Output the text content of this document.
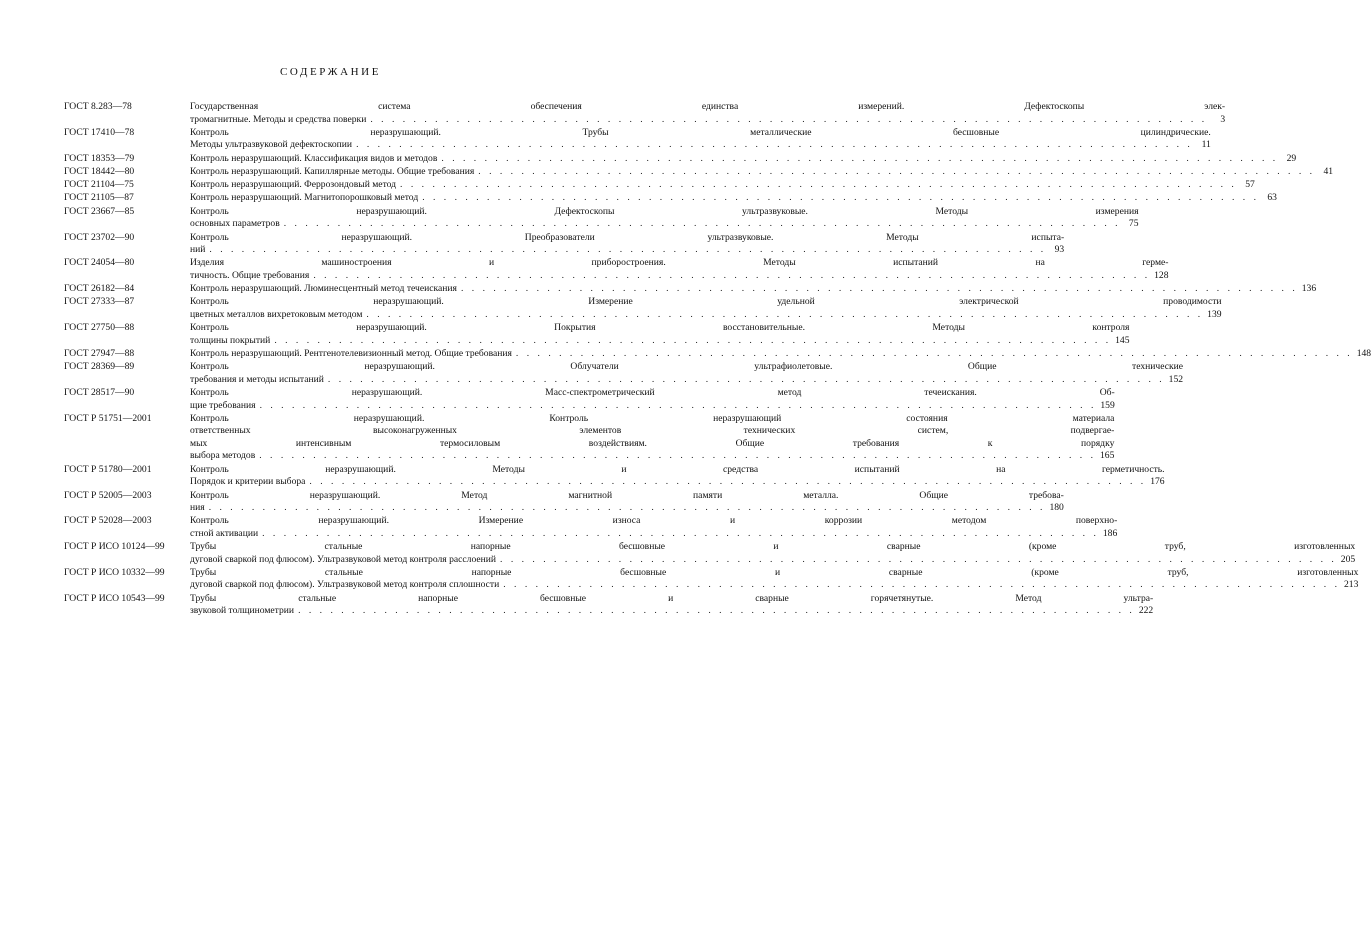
СОДЕРЖАНИЕ
ГОСТ 8.283—78	Государственная система обеспечения единства измерений. Дефектоскопы элек-
тромагнитные. Методы и средства поверки . . .	3
ГОСТ 17410—78	Контроль неразрушающий. Трубы металлические бесшовные цилиндрические.
Методы ультразвуковой дефектоскопии . . .	11
ГОСТ 18353—79	Контроль неразрушающий. Классификация видов и методов . . .	29
ГОСТ 18442—80	Контроль неразрушающий. Капиллярные методы. Общие требования . . .	41
ГОСТ 21104—75	Контроль неразрушающий. Феррозондовый метод . . .	57
ГОСТ 21105—87	Контроль неразрушающий. Магнитопорошковый метод . . .	63
ГОСТ 23667—85	Контроль неразрушающий. Дефектоскопы ультразвуковые. Методы измерения
основных параметров . . .	75
ГОСТ 23702—90	Контроль неразрушающий. Преобразователи ультразвуковые. Методы испыта-
ний . . .	93
ГОСТ 24054—80	Изделия машиностроения и приборостроения. Методы испытаний на герме-
тичность. Общие требования . . .	128
ГОСТ 26182—84	Контроль неразрушающий. Люминесцентный метод течеискания . . .	136
ГОСТ 27333—87	Контроль неразрушающий. Измерение удельной электрической проводимости
цветных металлов вихретоковым методом . . .	139
ГОСТ 27750—88	Контроль неразрушающий. Покрытия восстановительные. Методы контроля
толщины покрытий . . .	145
ГОСТ 27947—88	Контроль неразрушающий. Рентгенотелевизионный метод. Общие требования . . .	148
ГОСТ 28369—89	Контроль неразрушающий. Облучатели ультрафиолетовые. Общие технические
требования и методы испытаний . . .	152
ГОСТ 28517—90	Контроль неразрушающий. Масс-спектрометрический метод течеискания. Об-
щие требования . . .	159
ГОСТ Р 51751—2001	Контроль неразрушающий. Контроль неразрушающий состояния материала
ответственных высоконагруженных элементов технических систем, подвергае-
мых интенсивным термосиловым воздействиям. Общие требования к порядку
выбора методов . . .	165
ГОСТ Р 51780—2001	Контроль неразрушающий. Методы и средства испытаний на герметичность.
Порядок и критерии выбора . . .	176
ГОСТ Р 52005—2003	Контроль неразрушающий. Метод магнитной памяти металла. Общие требова-
ния . . .	180
ГОСТ Р 52028—2003	Контроль неразрушающий. Измерение износа и коррозии методом поверхно-
стной активации . . .	186
ГОСТ Р ИСО 10124—99	Трубы стальные напорные бесшовные и сварные (кроме труб, изготовленных
дуговой сваркой под флюсом). Ультразвуковой метод контроля расслоений . . .	205
ГОСТ Р ИСО 10332—99	Трубы стальные напорные бесшовные и сварные (кроме труб, изготовленных
дуговой сваркой под флюсом). Ультразвуковой метод контроля сплошности . . .	213
ГОСТ Р ИСО 10543—99	Трубы стальные напорные бесшовные и сварные горячетянутые. Метод ультра-
звуковой толщинометрии . . .	222
